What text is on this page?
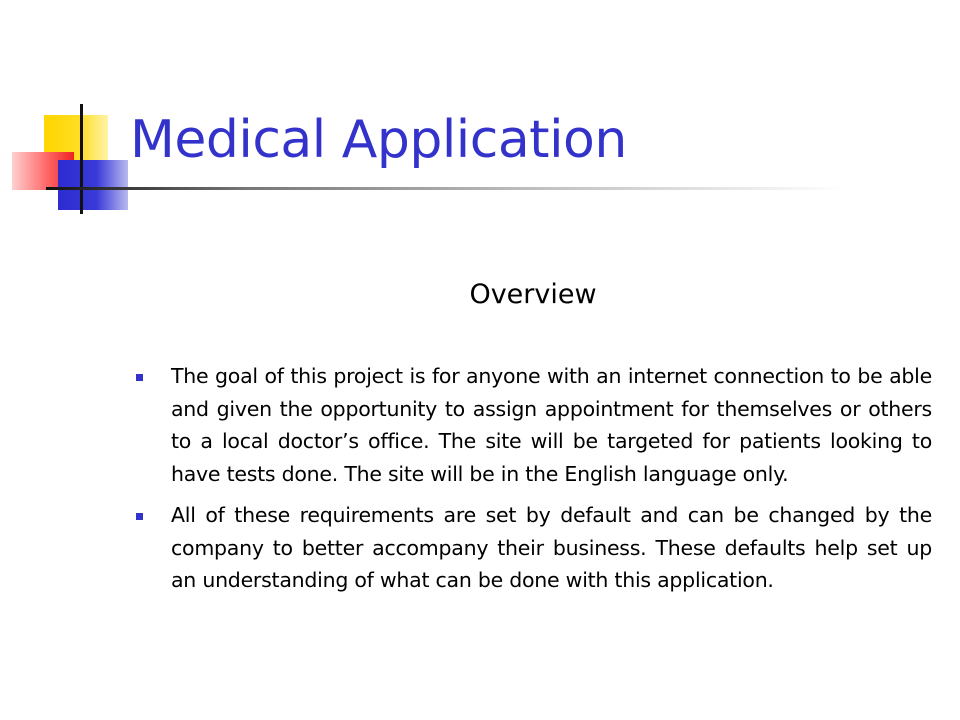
Medical Application
Overview
The goal of this project is for anyone with an internet connection to be able and given the opportunity to assign appointment for themselves or others to a local doctor’s office. The site will be targeted for patients looking to have tests done. The site will be in the English language only.
All of these requirements are set by default and can be changed by the company to better accompany their business. These defaults help set up an understanding of what can be done with this application.
